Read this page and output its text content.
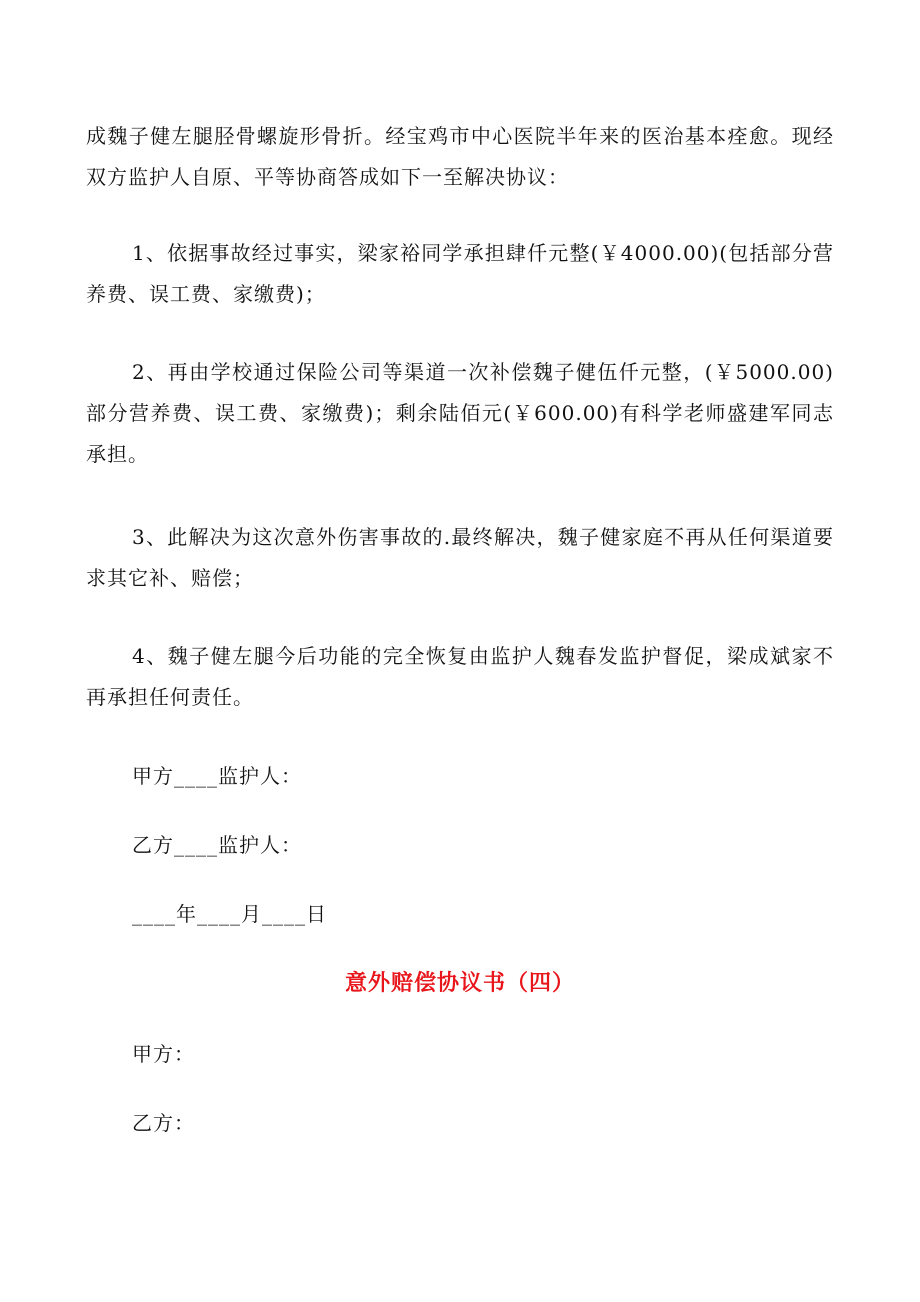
成魏子健左腿胫骨螺旋形骨折。经宝鸡市中心医院半年来的医治基本痊愈。现经双方监护人自原、平等协商答成如下一至解决协议：

1、依据事故经过事实，梁家裕同学承担肆仟元整(￥4000.00)(包括部分营养费、误工费、家缴费)；

2、再由学校通过保险公司等渠道一次补偿魏子健伍仟元整，(￥5000.00)部分营养费、误工费、家缴费)；剩余陆佰元(￥600.00)有科学老师盛建军同志承担。

3、此解决为这次意外伤害事故的.最终解决，魏子健家庭不再从任何渠道要求其它补、赔偿；

4、魏子健左腿今后功能的完全恢复由监护人魏春发监护督促，梁成斌家不再承担任何责任。

甲方____监护人：

乙方____监护人：

____年____月____日

意外赔偿协议书（四）

甲方：

乙方：
